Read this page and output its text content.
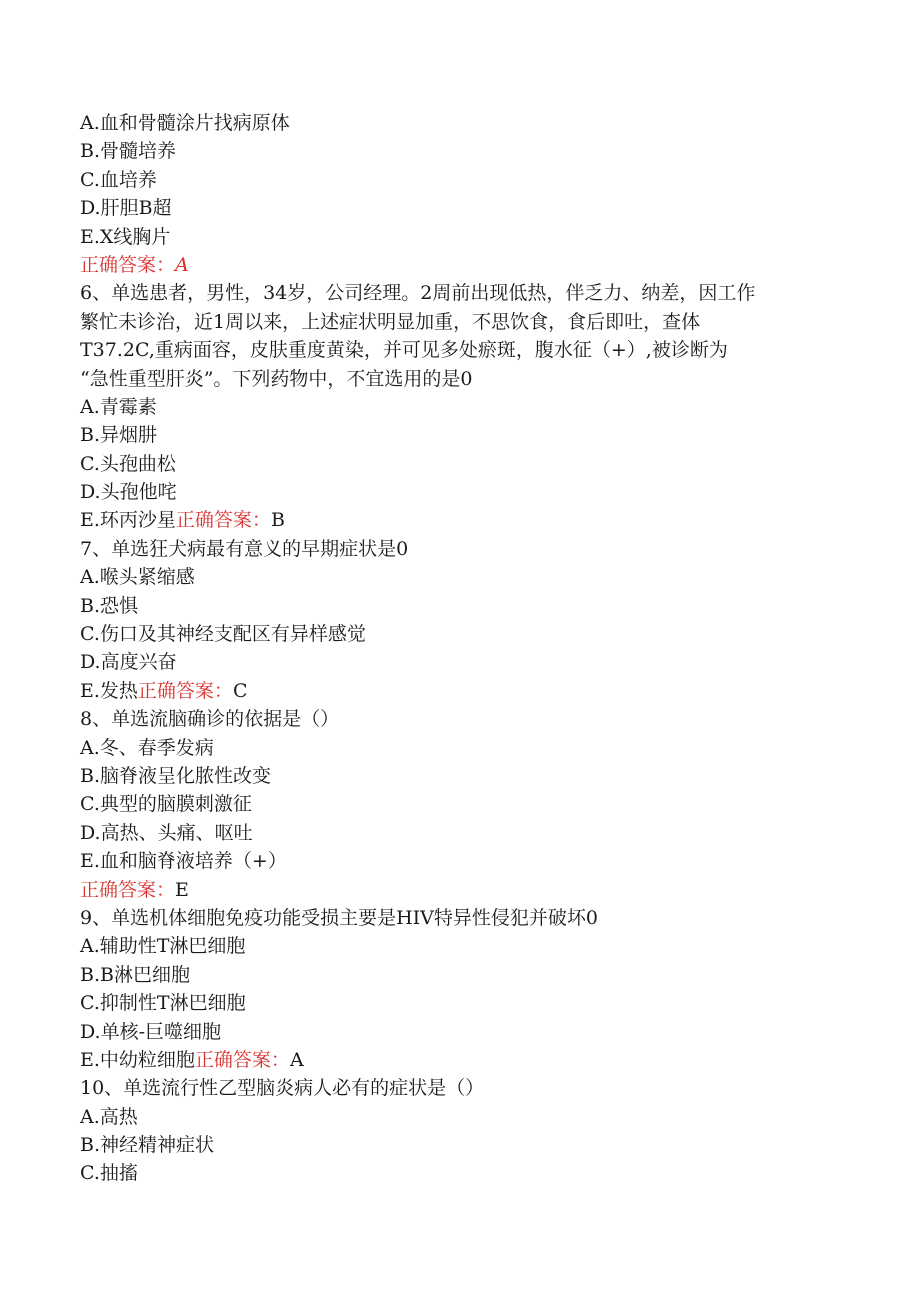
A.血和骨髓涂片找病原体
B.骨髓培养
C.血培养
D.肝胆B超
E.X线胸片
正确答案：A
6、单选患者，男性，34岁，公司经理。2周前出现低热，伴乏力、纳差，因工作
繁忙未诊治，近1周以来，上述症状明显加重，不思饮食，食后即吐，查体
T37.2C,重病面容，皮肤重度黄染，并可见多处瘀斑，腹水征（+）,被诊断为
“急性重型肝炎”。下列药物中，不宜选用的是0
A.青霉素
B.异烟肼
C.头孢曲松
D.头孢他咤
E.环丙沙星正确答案：B
7、单选狂犬病最有意义的早期症状是0
A.喉头紧缩感
B.恐惧
C.伤口及其神经支配区有异样感觉
D.高度兴奋
E.发热正确答案：C
8、单选流脑确诊的依据是（）
A.冬、春季发病
B.脑脊液呈化脓性改变
C.典型的脑膜刺激征
D.高热、头痛、呕吐
E.血和脑脊液培养（+）
正确答案：E
9、单选机体细胞免疫功能受损主要是HIV特异性侵犯并破坏0
A.辅助性T淋巴细胞
B.B淋巴细胞
C.抑制性T淋巴细胞
D.单核-巨噬细胞
E.中幼粒细胞正确答案：A
10、单选流行性乙型脑炎病人必有的症状是（）
A.高热
B.神经精神症状
C.抽搐
